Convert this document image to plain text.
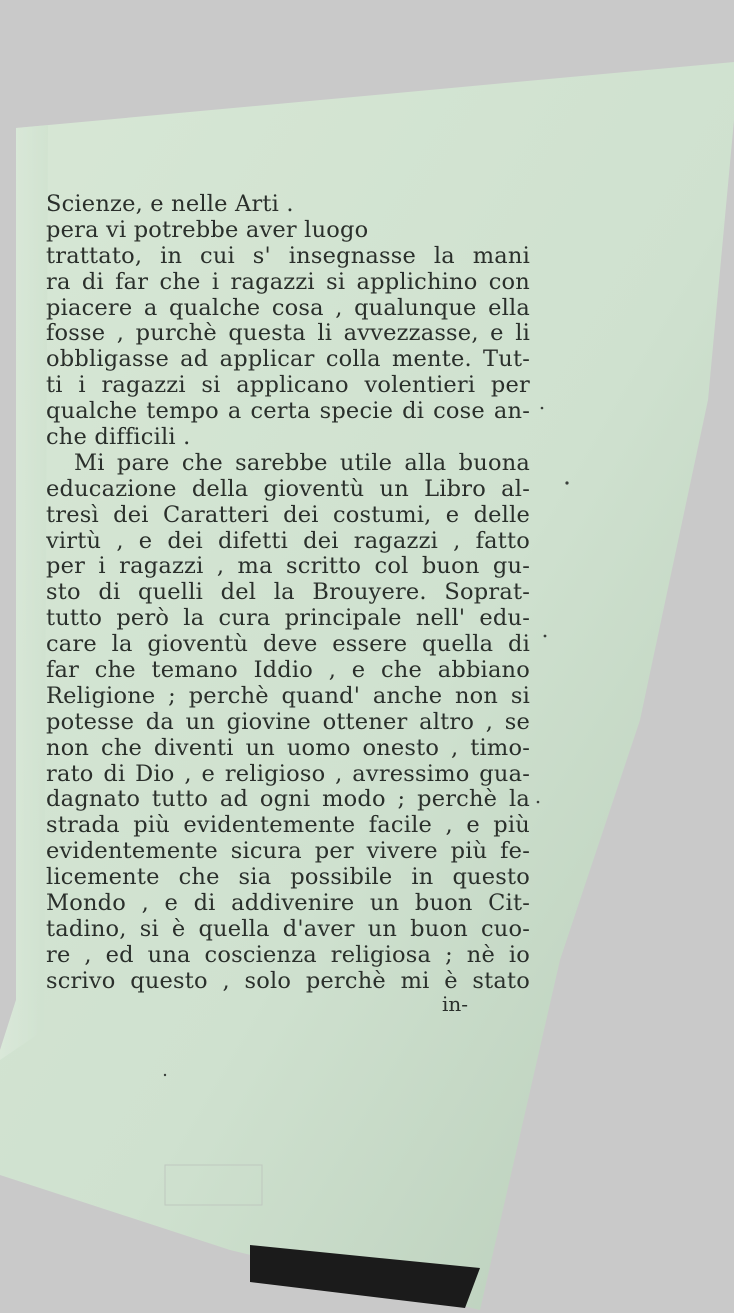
Scienze, e nelle Arti .
pera vi potrebbe aver luogo
trattato, in cui s' insegnasse la mani
ra di far che i ragazzi si applichino con
piacere a qualche cosa , qualunque ella
fosse , purchè questa li avvezzasse, e li
obbligasse ad applicar colla mente. Tut-
ti i ragazzi si applicano volentieri per
qualche tempo a certa specie di cose an-
che difficili .
Mi pare che sarebbe utile alla buona
educazione della gioventù un Libro al-
tresì dei Caratteri dei costumi, e delle
virtù , e dei difetti dei ragazzi , fatto
per i ragazzi , ma scritto col buon gu-
sto di quelli del la Brouyere. Soprat-
tutto però la cura principale nell' edu-
care la gioventù deve essere quella di
far che temano Iddio , e che abbiano
Religione ; perchè quand' anche non si
potesse da un giovine ottener altro , se
non che diventi un uomo onesto , timo-
rato di Dio , e religioso , avressimo gua-
dagnato tutto ad ogni modo ; perchè la
strada più evidentemente facile , e più
evidentemente sicura per vivere più fe-
licemente che sia possibile in questo
Mondo , e di addivenire un buon Cit-
tadino, si è quella d'aver un buon cuo-
re , ed una coscienza religiosa ; nè io
scrivo questo , solo perchè mi è stato
in-
